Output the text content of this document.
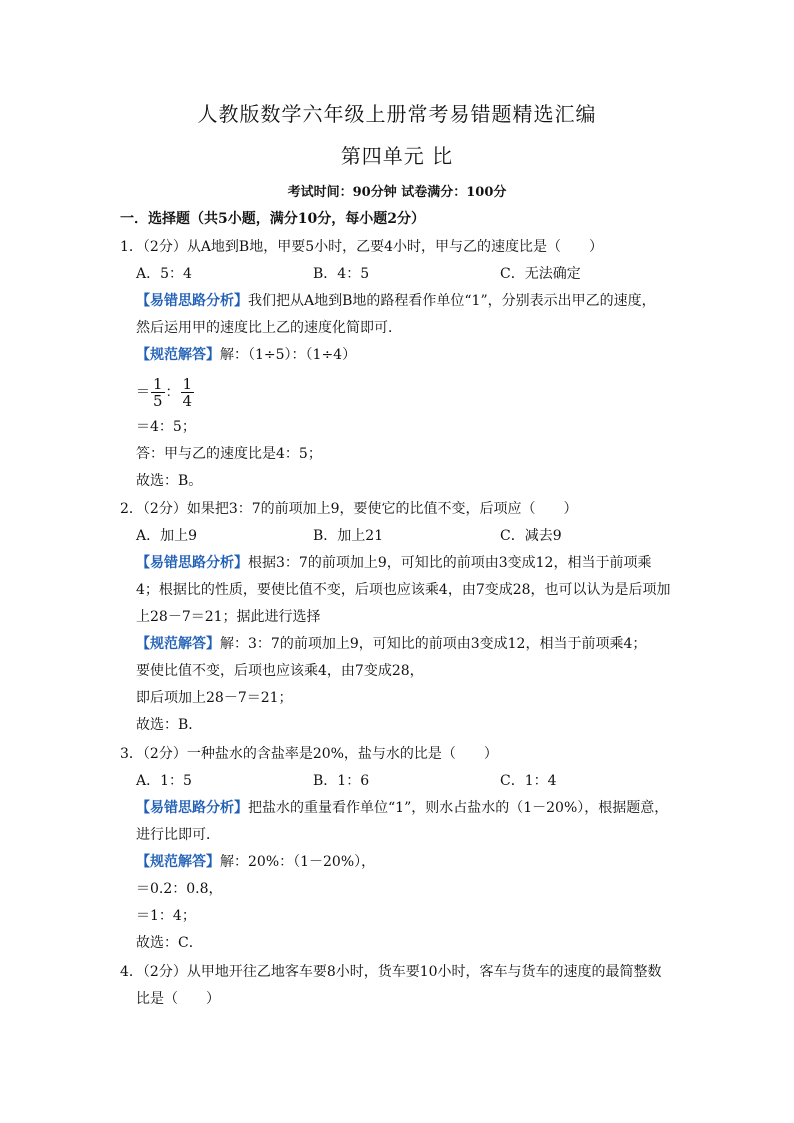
人教版数学六年级上册常考易错题精选汇编
第四单元 比
考试时间：90分钟 试卷满分：100分
一．选择题（共5小题，满分10分，每小题2分）
1．（2分）从A地到B地，甲要5小时，乙要4小时，甲与乙的速度比是（　　）
A．5：4	B．4：5	C．无法确定
【易错思路分析】我们把从A地到B地的路程看作单位“1”，分别表示出甲乙的速度，
然后运用甲的速度比上乙的速度化简即可．
【规范解答】解：（1÷5）：（1÷4）
＝ $\frac{1}{5}$ ： $\frac{1}{4}$
＝4：5；
答：甲与乙的速度比是4：5；
故选：B。
2．（2分）如果把3：7的前项加上9，要使它的比值不变，后项应（　　）
A．加上9	B．加上21	C．减去9
【易错思路分析】根据3：7的前项加上9，可知比的前项由3变成12，相当于前项乘
4；根据比的性质，要使比值不变，后项也应该乘4，由7变成28，也可以认为是后项加
上28－7＝21；据此进行选择
【规范解答】解：3：7的前项加上9，可知比的前项由3变成12，相当于前项乘4；
要使比值不变，后项也应该乘4，由7变成28，
即后项加上28－7＝21；
故选：B．
3．（2分）一种盐水的含盐率是20%，盐与水的比是（　　）
A．1：5	B．1：6	C．1：4
【易错思路分析】把盐水的重量看作单位“1”，则水占盐水的（1－20%），根据题意，
进行比即可．
【规范解答】解：20%：（1－20%），
＝0.2：0.8，
＝1：4；
故选：C．
4．（2分）从甲地开往乙地客车要8小时，货车要10小时，客车与货车的速度的最简整数
比是（　　）
